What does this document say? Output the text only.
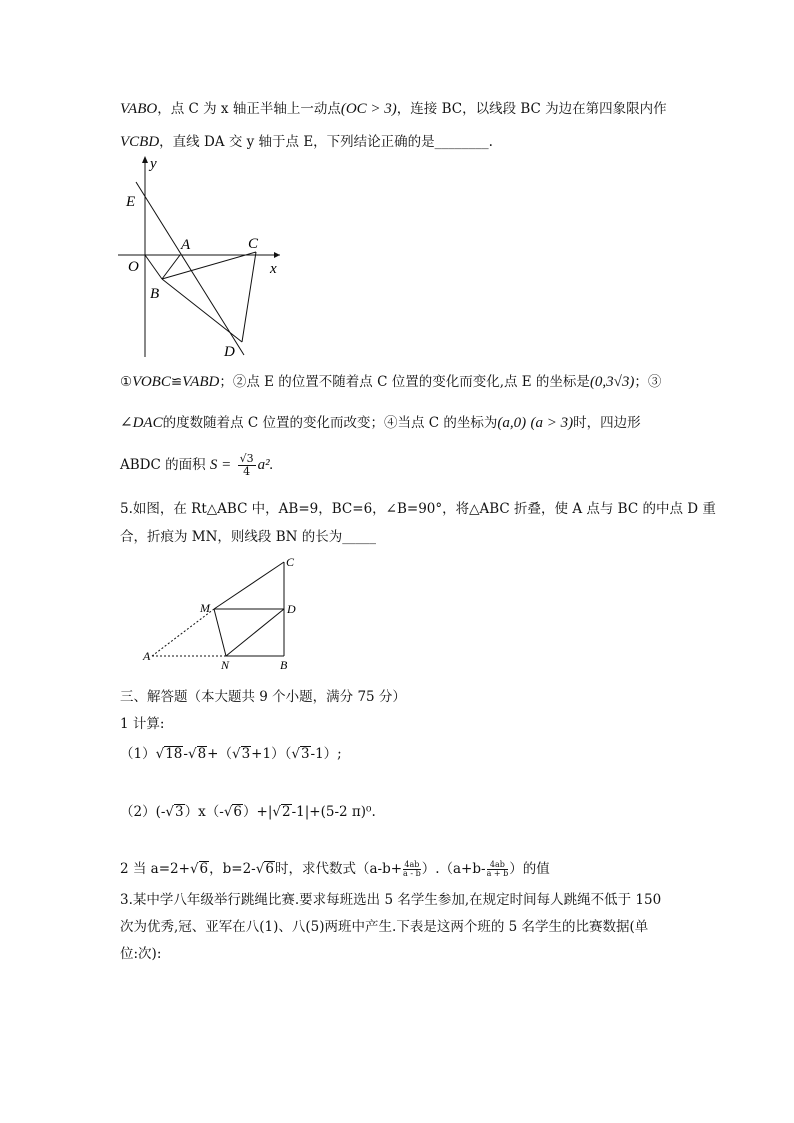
VABO，点 C 为 x 轴正半轴上一动点(OC > 3)，连接 BC，以线段 BC 为边在第四象限内作
VCBD，直线 DA 交 y 轴于点 E，下列结论正确的是________.
y
E
A	C
O	x
B
D
①VOBC≌VABD；②点 E 的位置不随着点 C 位置的变化而变化,点 E 的坐标是(0,3√3)；③
∠DAC的度数随着点 C 位置的变化而改变；④当点 C 的坐标为(a,0) (a > 3)时，四边形
ABDC 的面积 $S = \frac{√3}{4} a^2$.
5.如图，在 Rt△ABC 中，AB=9，BC=6，∠B=90°，将△ABC 折叠，使 A 点与 BC 的中点 D 重
合，折痕为 MN，则线段 BN 的长为_____
C
M	D
A
N	B
三、解答题（本大题共 9 个小题，满分 75 分）
1 计算:
（1）√18-√8+（√3+1）（√3-1）;
（2）(-√3）x（-√6）+|√2-1|+(5-2 π)⁰.
2 当 a=2+√6，b=2-√6时，求代数式$(a-b+ \frac{4ab}{a - b} ).(a+b- \frac{4ab}{a + b}$ ）的值
3.某中学八年级举行跳绳比赛.要求每班选出 5 名学生参加,在规定时间每人跳绳不低于 150
次为优秀,冠、亚军在八(1)、八(5)两班中产生.下表是这两个班的 5 名学生的比赛数据(单
位:次):
